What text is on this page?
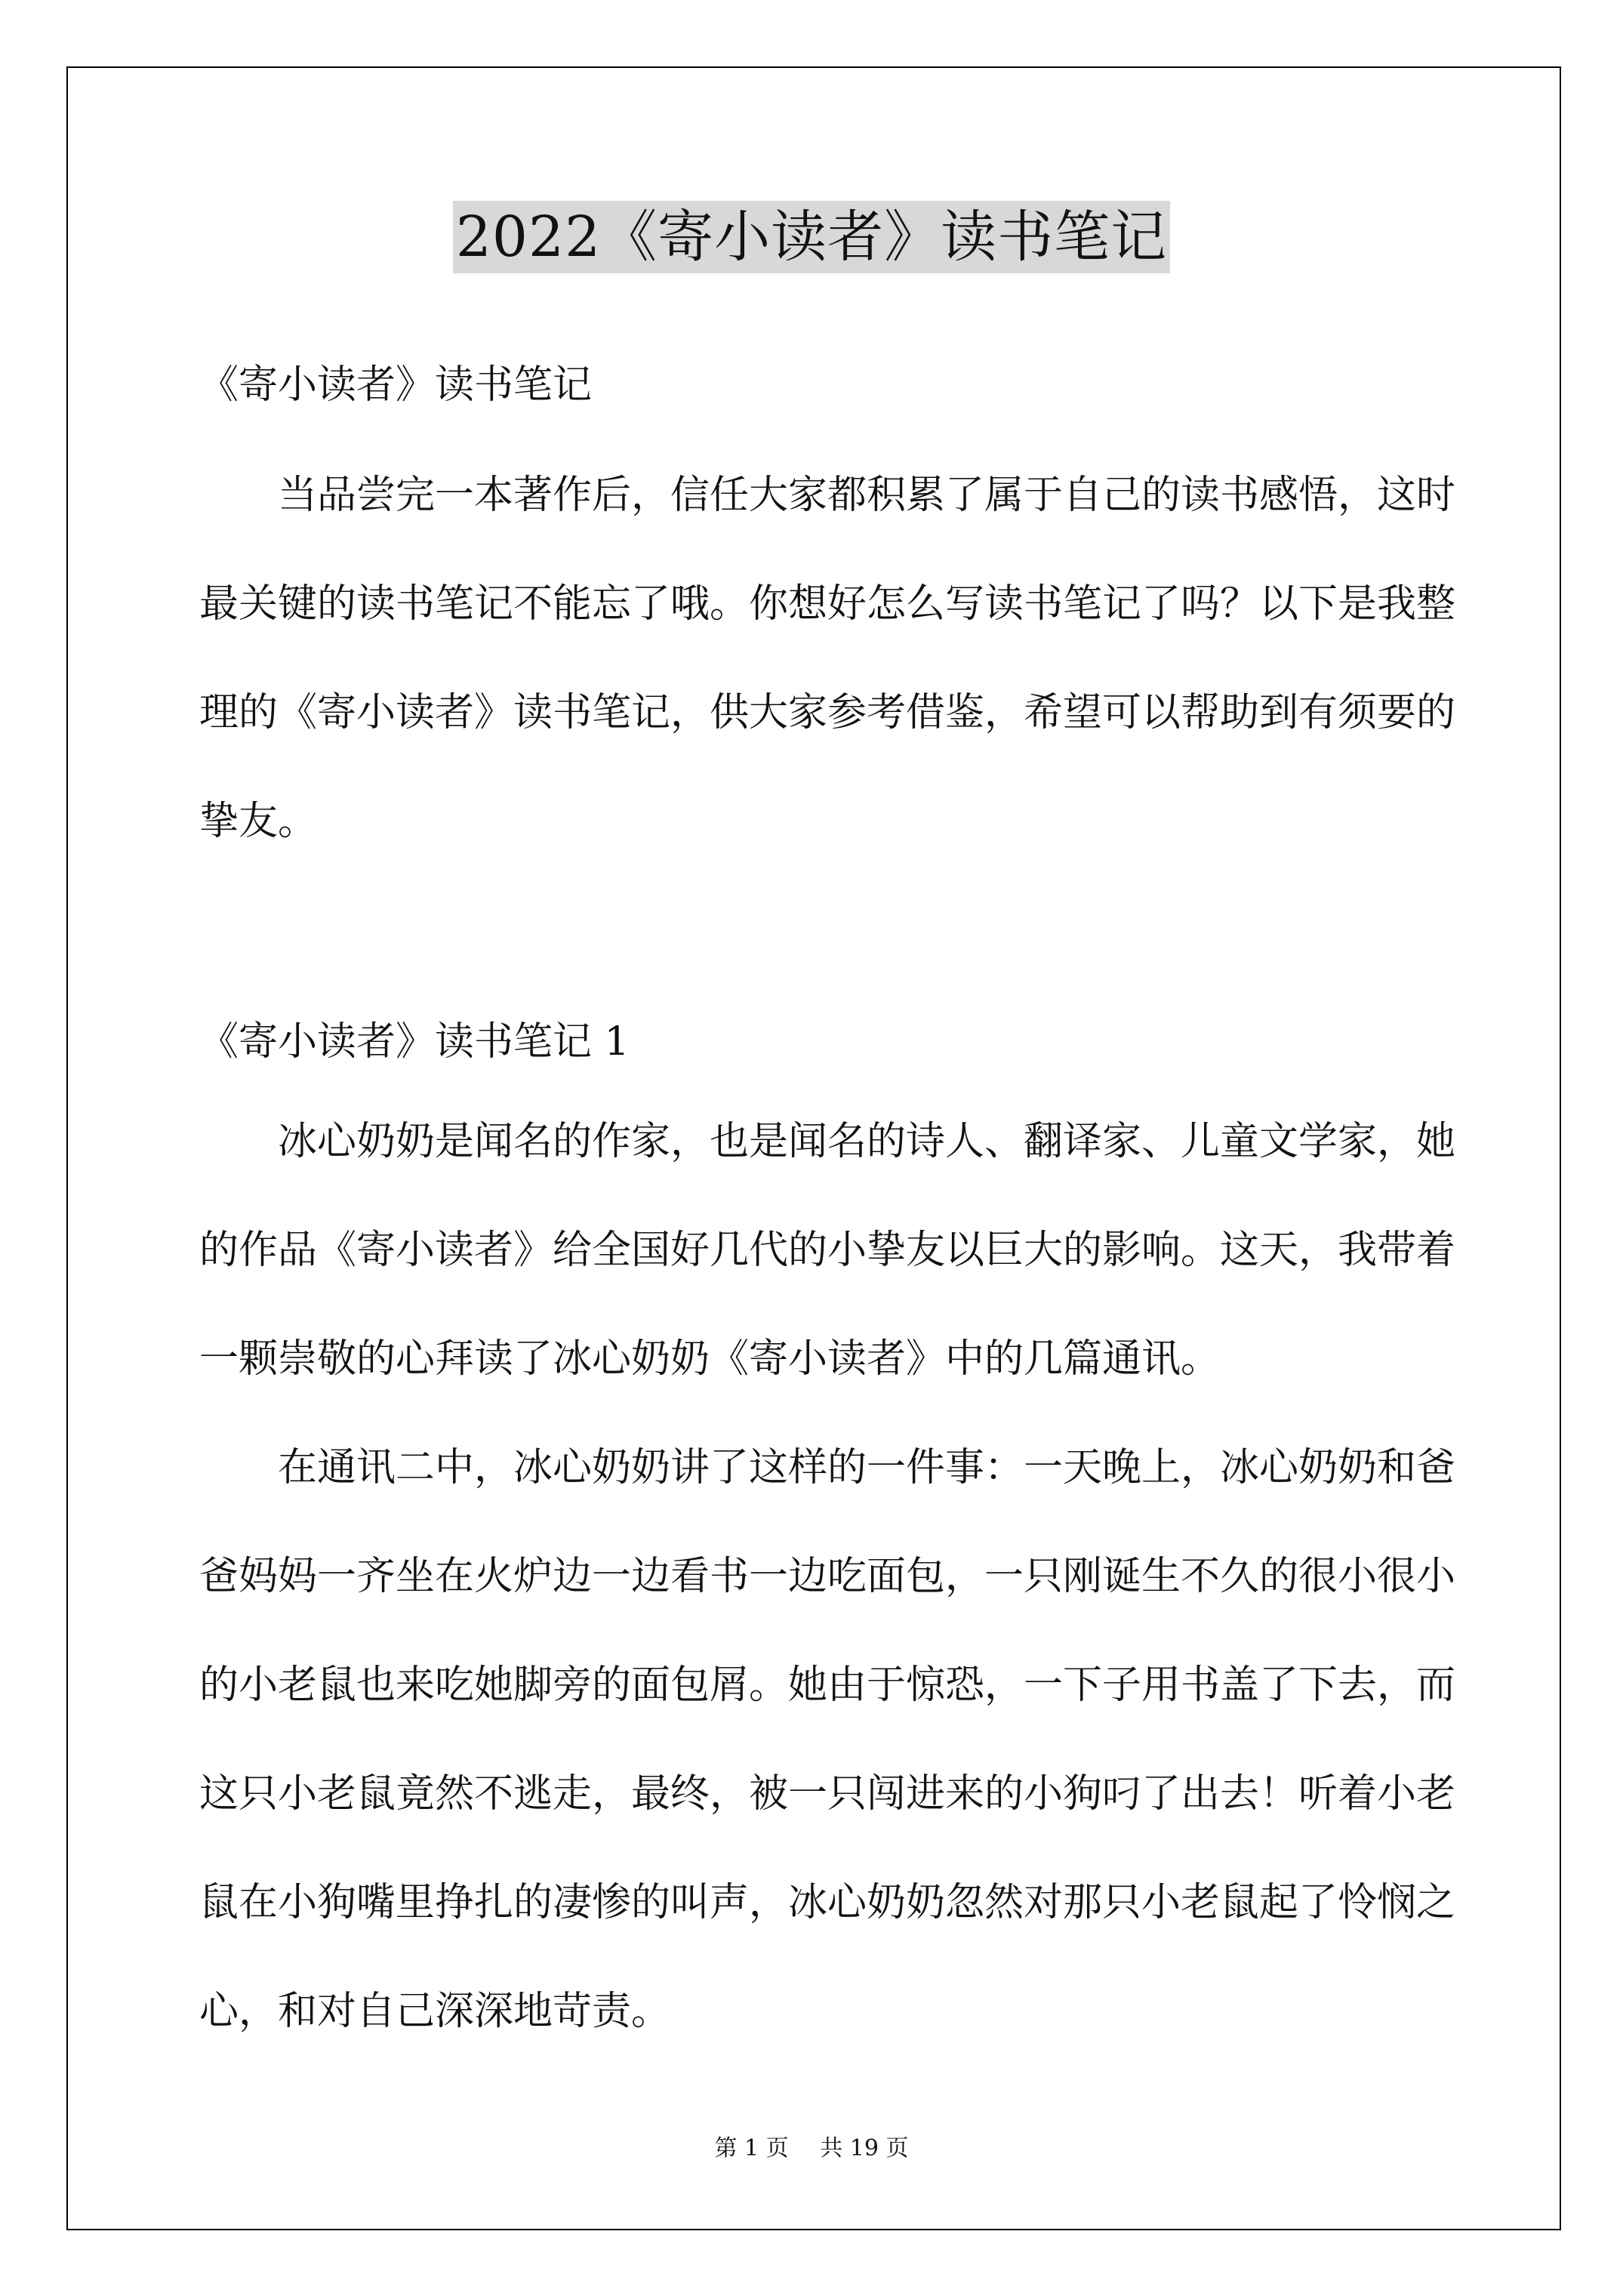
2022《寄小读者》读书笔记

《寄小读者》读书笔记

当品尝完一本著作后，信任大家都积累了属于自己的读书感悟，这时最关键的读书笔记不能忘了哦。你想好怎么写读书笔记了吗？以下是我整理的《寄小读者》读书笔记，供大家参考借鉴，希望可以帮助到有须要的挚友。

《寄小读者》读书笔记 1

冰心奶奶是闻名的作家，也是闻名的诗人、翻译家、儿童文学家，她的作品《寄小读者》给全国好几代的小挚友以巨大的影响。这天，我带着一颗崇敬的心拜读了冰心奶奶《寄小读者》中的几篇通讯。

在通讯二中，冰心奶奶讲了这样的一件事：一天晚上，冰心奶奶和爸爸妈妈一齐坐在火炉边一边看书一边吃面包，一只刚诞生不久的很小很小的小老鼠也来吃她脚旁的面包屑。她由于惊恐，一下子用书盖了下去，而这只小老鼠竟然不逃走，最终，被一只闯进来的小狗叼了出去！听着小老鼠在小狗嘴里挣扎的凄惨的叫声，冰心奶奶忽然对那只小老鼠起了怜悯之心，和对自己深深地苛责。

第 1 页 共 19 页
